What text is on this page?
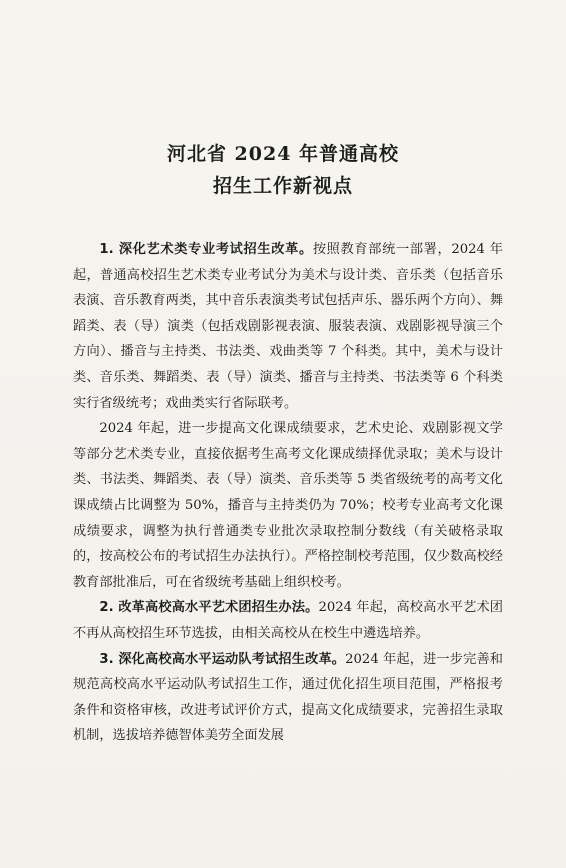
河北省 2024 年普通高校
招生工作新视点

1. 深化艺术类专业考试招生改革。按照教育部统一部署，2024 年起，普通高校招生艺术类专业考试分为美术与设计类、音乐类（包括音乐表演、音乐教育两类，其中音乐表演类考试包括声乐、器乐两个方向）、舞蹈类、表（导）演类（包括戏剧影视表演、服装表演、戏剧影视导演三个方向）、播音与主持类、书法类、戏曲类等 7 个科类。其中，美术与设计类、音乐类、舞蹈类、表（导）演类、播音与主持类、书法类等 6 个科类实行省级统考；戏曲类实行省际联考。

2024 年起，进一步提高文化课成绩要求，艺术史论、戏剧影视文学等部分艺术类专业，直接依据考生高考文化课成绩择优录取；美术与设计类、书法类、舞蹈类、表（导）演类、音乐类等 5 类省级统考的高考文化课成绩占比调整为 50%，播音与主持类仍为 70%；校考专业高考文化课成绩要求，调整为执行普通类专业批次录取控制分数线（有关破格录取的，按高校公布的考试招生办法执行）。严格控制校考范围，仅少数高校经教育部批准后，可在省级统考基础上组织校考。

2. 改革高校高水平艺术团招生办法。2024 年起，高校高水平艺术团不再从高校招生环节选拔，由相关高校从在校生中遴选培养。

3. 深化高校高水平运动队考试招生改革。2024 年起，进一步完善和规范高校高水平运动队考试招生工作，通过优化招生项目范围，严格报考条件和资格审核，改进考试评价方式，提高文化成绩要求，完善招生录取机制，选拔培养德智体美劳全面发展
